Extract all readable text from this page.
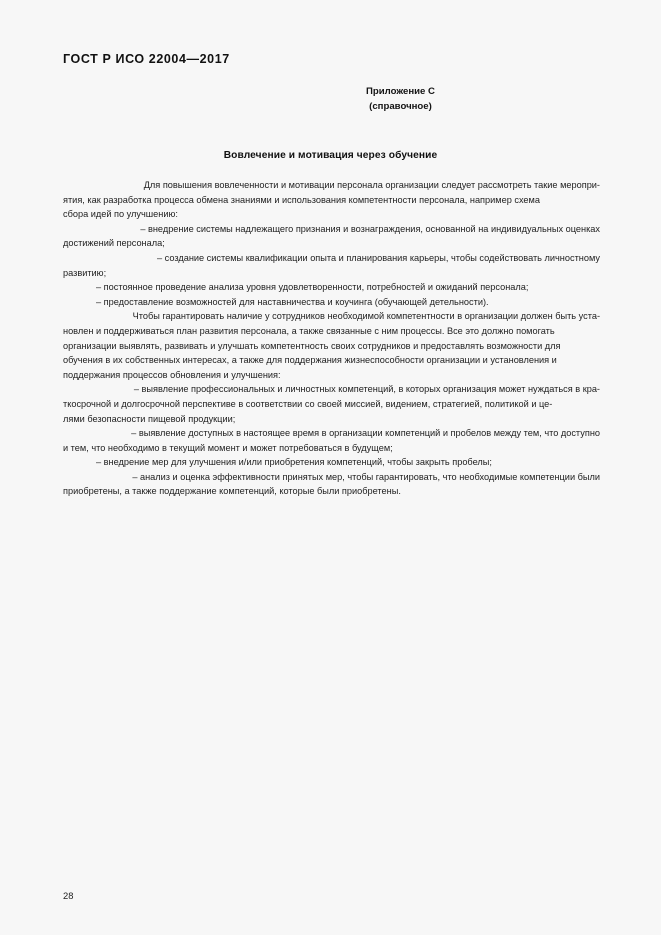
ГОСТ Р ИСО 22004—2017
Приложение С
(справочное)
Вовлечение и мотивация через обучение

Для повышения вовлеченности и мотивации персонала организации следует рассмотреть такие меропри-
ятия, как разработка процесса обмена знаниями и использования компетентности персонала, например схема
сбора идей по улучшению:

– внедрение системы надлежащего признания и вознаграждения, основанной на индивидуальных оценках
достижений персонала;

– создание системы квалификации опыта и планирования карьеры, чтобы содействовать личностному
развитию;

– постоянное проведение анализа уровня удовлетворенности, потребностей и ожиданий персонала;

– предоставление возможностей для наставничества и коучинга (обучающей детельности).

Чтобы гарантировать наличие у сотрудников необходимой компетентности в организации должен быть уста-
новлен и поддерживаться план развития персонала, а также связанные с ним процессы. Все это должно помогать
организации выявлять, развивать и улучшать компетентность своих сотрудников и предоставлять возможности для
обучения в их собственных интересах, а также для поддержания жизнеспособности организации и установления и
поддержания процессов обновления и улучшения:

– выявление профессиональных и личностных компетенций, в которых организация может нуждаться в кра-
ткосрочной и долгосрочной перспективе в соответствии со своей миссией, видением, стратегией, политикой и це-
лями безопасности пищевой продукции;

– выявление доступных в настоящее время в организации компетенций и пробелов между тем, что доступно
и тем, что необходимо в текущий момент и может потребоваться в будущем;

– внедрение мер для улучшения и/или приобретения компетенций, чтобы закрыть пробелы;

– анализ и оценка эффективности принятых мер, чтобы гарантировать, что необходимые компетенции были
приобретены, а также поддержание компетенций, которые были приобретены.

28
